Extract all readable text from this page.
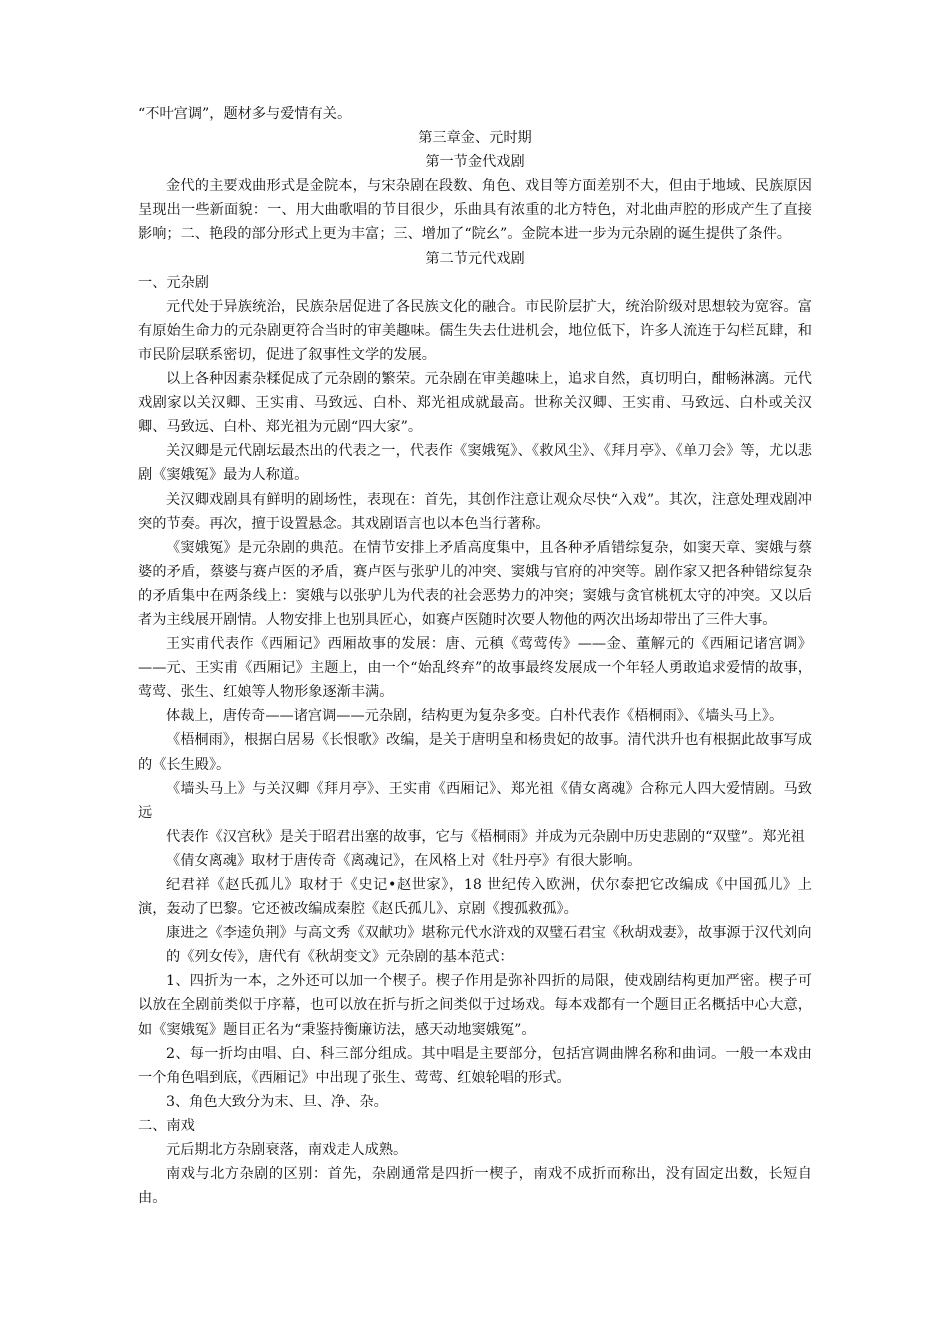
“不叶宫调”，题材多与爱情有关。

第三章金、元时期

第一节金代戏剧

金代的主要戏曲形式是金院本，与宋杂剧在段数、角色、戏目等方面差别不大，但由于地域、民族原因呈现出一些新面貌：一、用大曲歌唱的节目很少，乐曲具有浓重的北方特色，对北曲声腔的形成产生了直接影响；二、艳段的部分形式上更为丰富；三、增加了“院幺”。金院本进一步为元杂剧的诞生提供了条件。

第二节元代戏剧

一、元杂剧

元代处于异族统治，民族杂居促进了各民族文化的融合。市民阶层扩大，统治阶级对思想较为宽容。富有原始生命力的元杂剧更符合当时的审美趣味。儒生失去仕进机会，地位低下，许多人流连于勾栏瓦肆，和市民阶层联系密切，促进了叙事性文学的发展。

以上各种因素杂糅促成了元杂剧的繁荣。元杂剧在审美趣味上，追求自然，真切明白，酣畅淋漓。元代戏剧家以关汉卿、王实甫、马致远、白朴、郑光祖成就最高。世称关汉卿、王实甫、马致远、白朴或关汉卿、马致远、白朴、郑光祖为元剧“四大家”。

关汉卿是元代剧坛最杰出的代表之一，代表作《窦娥冤》、《救风尘》、《拜月亭》、《单刀会》等，尤以悲剧《窦娥冤》最为人称道。

关汉卿戏剧具有鲜明的剧场性，表现在：首先，其创作注意让观众尽快“入戏”。其次，注意处理戏剧冲突的节奏。再次，擅于设置悬念。其戏剧语言也以本色当行著称。

《窦娥冤》是元杂剧的典范。在情节安排上矛盾高度集中，且各种矛盾错综复杂，如窦天章、窦娥与蔡婆的矛盾，蔡婆与赛卢医的矛盾，赛卢医与张驴儿的冲突、窦娥与官府的冲突等。剧作家又把各种错综复杂的矛盾集中在两条线上：窦娥与以张驴儿为代表的社会恶势力的冲突；窦娥与贪官桃杌太守的冲突。又以后者为主线展开剧情。人物安排上也别具匠心，如赛卢医随时次要人物他的两次出场却带出了三件大事。

王实甫代表作《西厢记》西厢故事的发展：唐、元稹《莺莺传》——金、董解元的《西厢记诸宫调》——元、王实甫《西厢记》主题上，由一个“始乱终弃”的故事最终发展成一个年轻人勇敢追求爱情的故事，莺莺、张生、红娘等人物形象逐渐丰满。

体裁上，唐传奇——诸宫调——元杂剧，结构更为复杂多变。白朴代表作《梧桐雨》、《墙头马上》。

《梧桐雨》，根据白居易《长恨歌》改编，是关于唐明皇和杨贵妃的故事。清代洪升也有根据此故事写成的《长生殿》。

《墙头马上》与关汉卿《拜月亭》、王实甫《西厢记》、郑光祖《倩女离魂》合称元人四大爱情剧。马致远

代表作《汉宫秋》是关于昭君出塞的故事，它与《梧桐雨》并成为元杂剧中历史悲剧的“双璧”。郑光祖

《倩女离魂》取材于唐传奇《离魂记》，在风格上对《牡丹亭》有很大影响。

纪君祥《赵氏孤儿》取材于《史记•赵世家》，18 世纪传入欧洲，伏尔泰把它改编成《中国孤儿》上演，轰动了巴黎。它还被改编成秦腔《赵氏孤儿》、京剧《搜孤救孤》。

康进之《李逵负荆》与高文秀《双献功》堪称元代水浒戏的双璧石君宝《秋胡戏妻》，故事源于汉代刘向

的《列女传》，唐代有《秋胡变文》元杂剧的基本范式：

1、四折为一本，之外还可以加一个楔子。楔子作用是弥补四折的局限，使戏剧结构更加严密。楔子可以放在全剧前类似于序幕，也可以放在折与折之间类似于过场戏。每本戏都有一个题目正名概括中心大意，如《窦娥冤》题目正名为“秉鉴持衡廉访法，感天动地窦娥冤”。

2、每一折均由唱、白、科三部分组成。其中唱是主要部分，包括宫调曲牌名称和曲词。一般一本戏由一个角色唱到底，《西厢记》中出现了张生、莺莺、红娘轮唱的形式。

3、角色大致分为末、旦、净、杂。

二、南戏

元后期北方杂剧衰落，南戏走人成熟。

南戏与北方杂剧的区别：首先，杂剧通常是四折一楔子，南戏不成折而称出，没有固定出数，长短自由。
